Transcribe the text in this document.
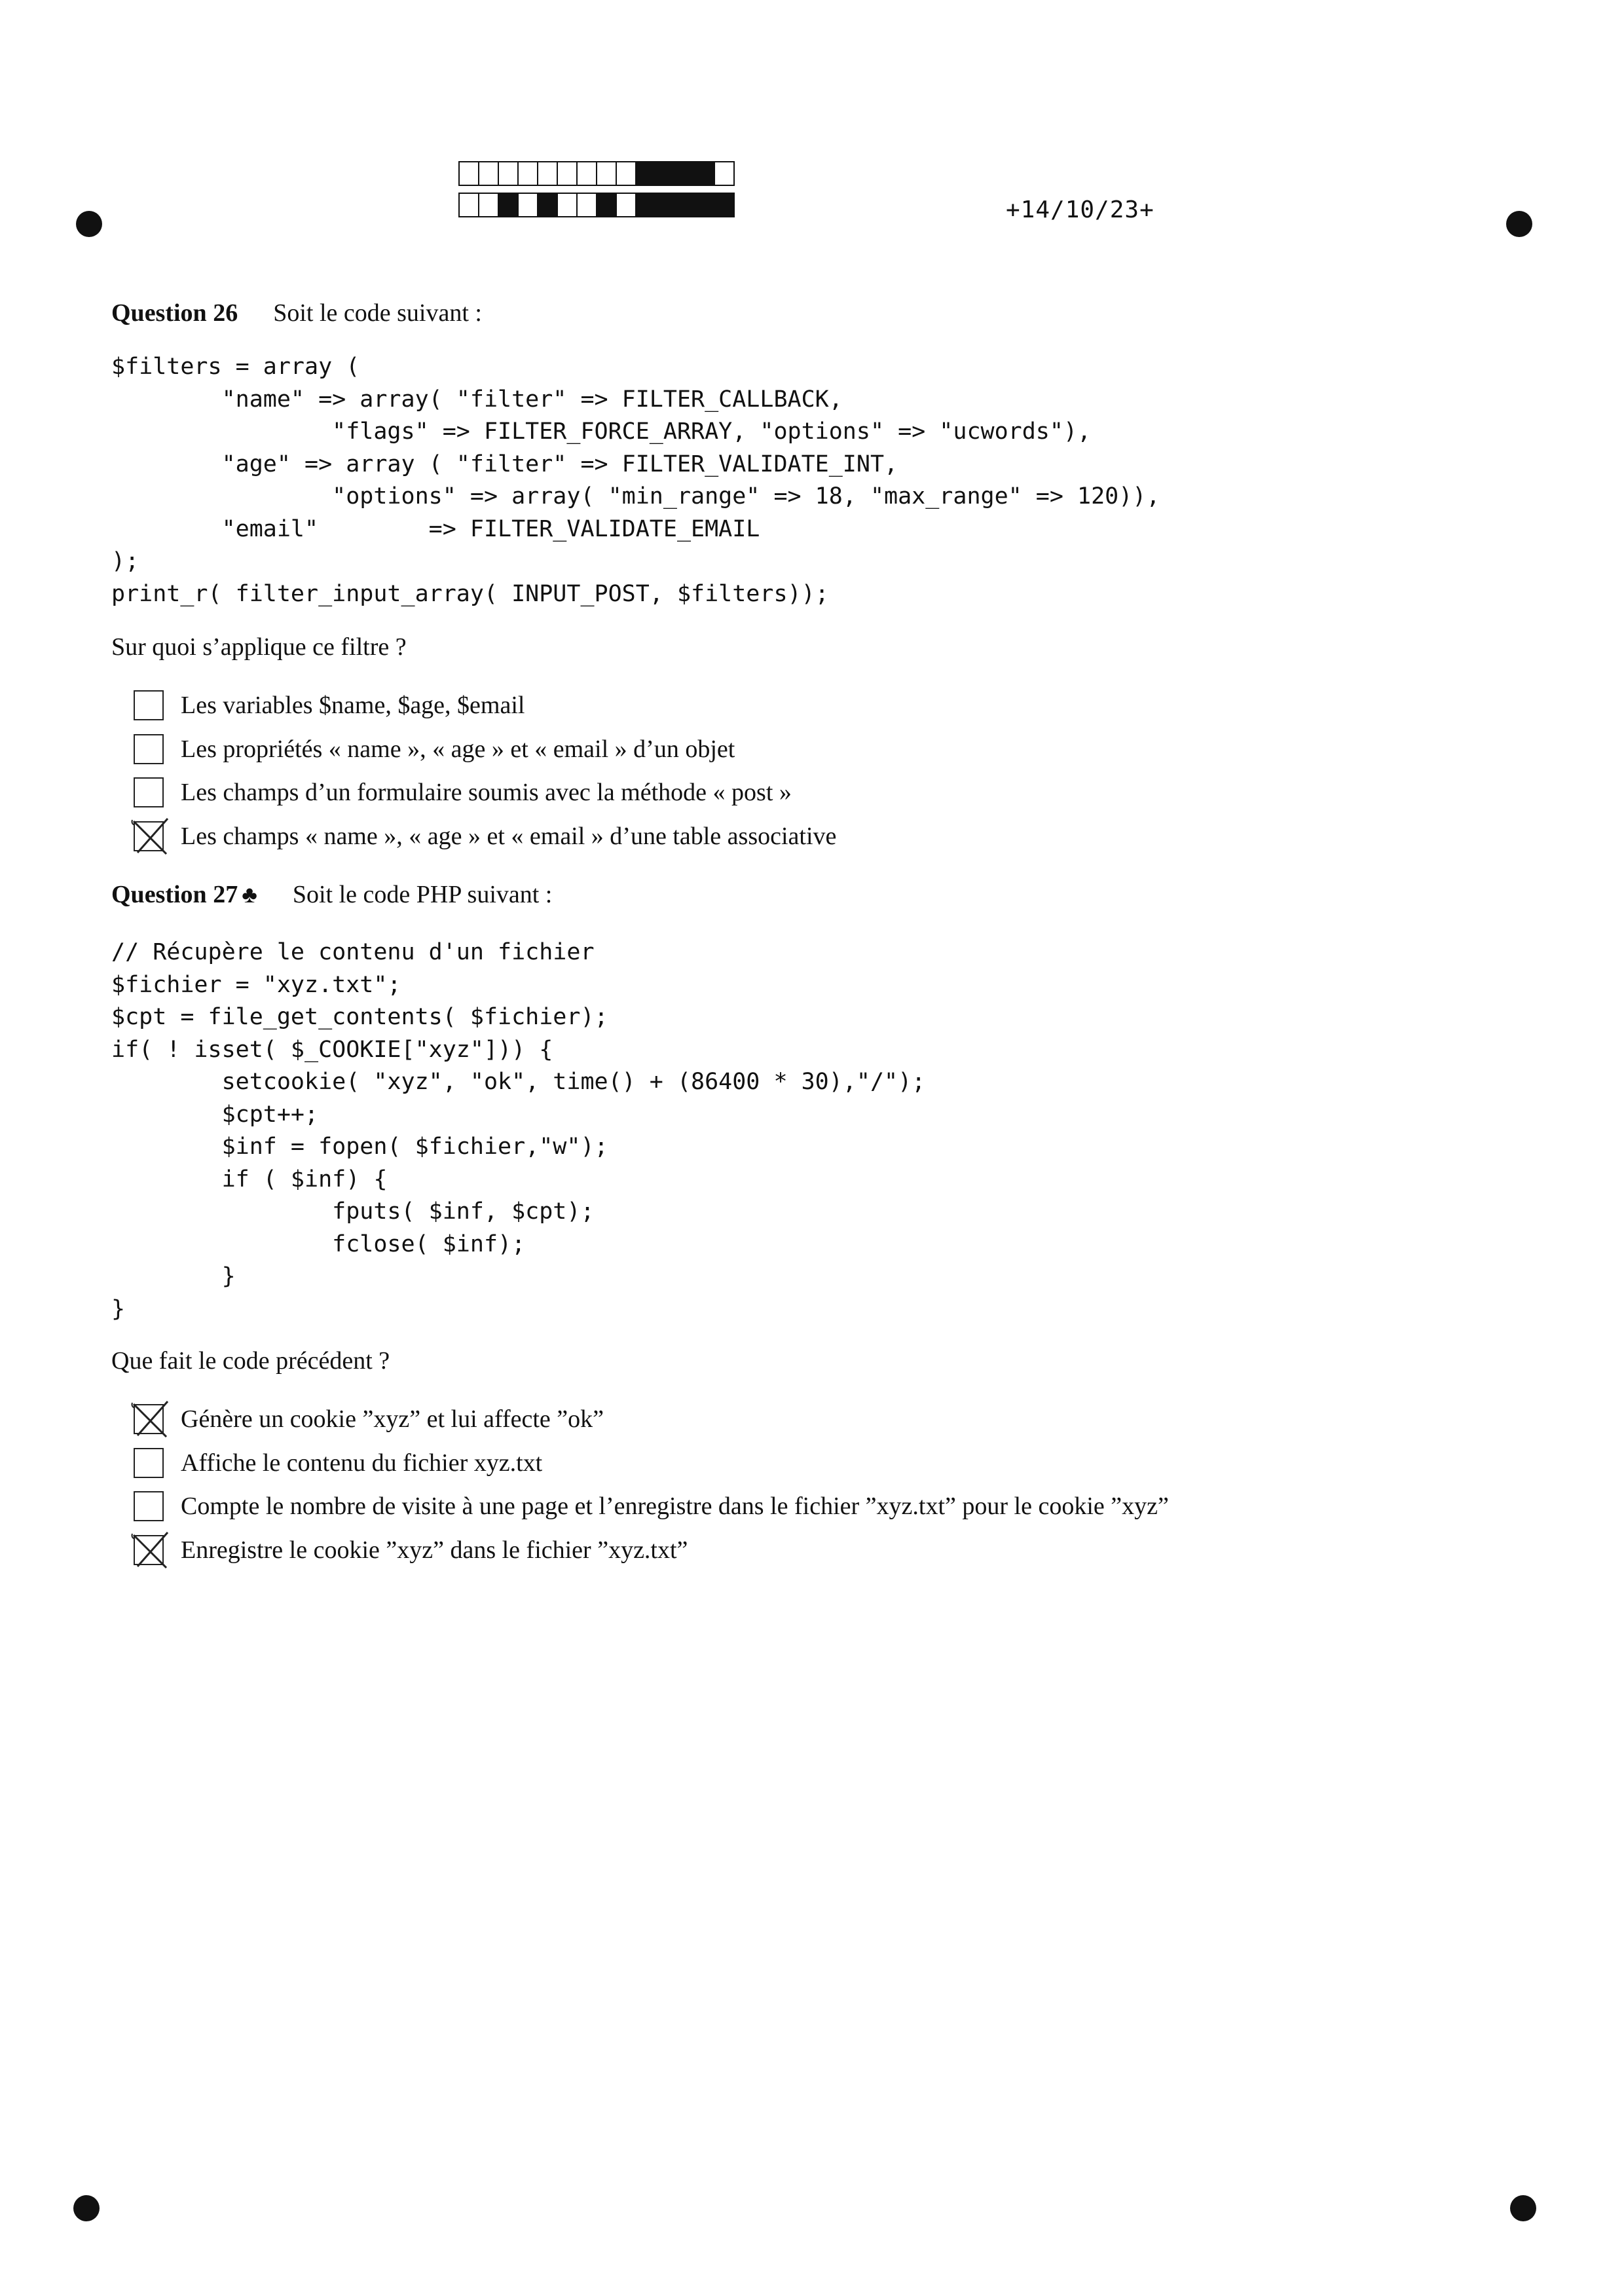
+14/10/23+
Question 26 Soit le code suivant :
$filters = array (
"name" => array( "filter" => FILTER_CALLBACK,
"flags" => FILTER_FORCE_ARRAY, "options" => "ucwords"),
"age" => array ( "filter" => FILTER_VALIDATE_INT,
"options" => array( "min_range" => 18, "max_range" => 120)),
"email"        => FILTER_VALIDATE_EMAIL
);
print_r( filter_input_array( INPUT_POST, $filters));
Sur quoi s’applique ce filtre ?
Les variables $name, $age, $email
Les propriétés « name », « age » et « email » d’un objet
Les champs d’un formulaire soumis avec la méthode « post »
Les champs « name », « age » et « email » d’une table associative
Question 27 ♣ Soit le code PHP suivant :
// Récupère le contenu d'un fichier
$fichier = "xyz.txt";
$cpt = file_get_contents( $fichier);
if( ! isset( $_COOKIE["xyz"])) {
setcookie( "xyz", "ok", time() + (86400 * 30),"/");
$cpt++;
$inf = fopen( $fichier,"w");
if ( $inf) {
fputs( $inf, $cpt);
fclose( $inf);
}
}
Que fait le code précédent ?
Génère un cookie ”xyz” et lui affecte ”ok”
Affiche le contenu du fichier xyz.txt
Compte le nombre de visite à une page et l’enregistre dans le fichier ”xyz.txt” pour le cookie ”xyz”
Enregistre le cookie ”xyz” dans le fichier ”xyz.txt”
